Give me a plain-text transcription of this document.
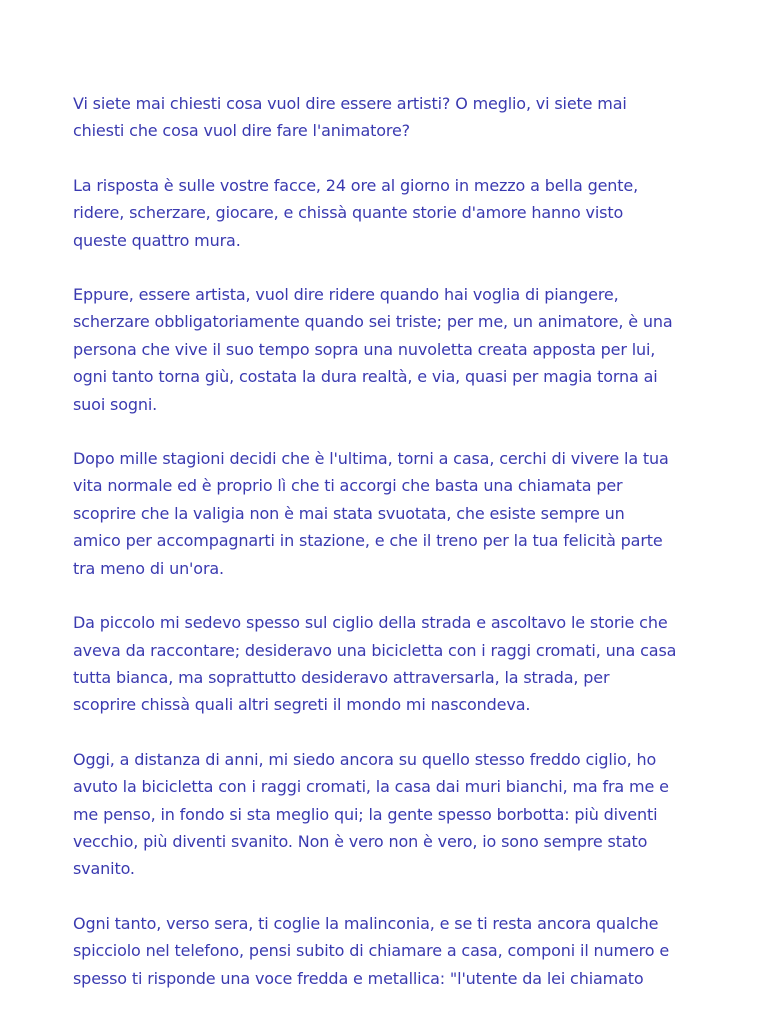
Vi siete mai chiesti cosa vuol dire essere artisti? O meglio, vi siete mai
chiesti che cosa vuol dire fare l'animatore?
La risposta è sulle vostre facce, 24 ore al giorno in mezzo a bella gente,
ridere, scherzare, giocare, e chissà quante storie d'amore hanno visto
queste quattro mura.
Eppure, essere artista, vuol dire ridere quando hai voglia di piangere,
scherzare obbligatoriamente quando sei triste; per me, un animatore, è una
persona che vive il suo tempo sopra una nuvoletta creata apposta per lui,
ogni tanto torna giù, costata la dura realtà, e via, quasi per magia torna ai
suoi sogni.
Dopo mille stagioni decidi che è l'ultima, torni a casa, cerchi di vivere la tua
vita normale ed è proprio lì che ti accorgi che basta una chiamata per
scoprire che la valigia non è mai stata svuotata, che esiste sempre un
amico per accompagnarti in stazione, e che il treno per la tua felicità parte
tra meno di un'ora.
Da piccolo mi sedevo spesso sul ciglio della strada e ascoltavo le storie che
aveva da raccontare; desideravo una bicicletta con i raggi cromati, una casa
tutta bianca, ma soprattutto desideravo attraversarla, la strada, per
scoprire chissà quali altri segreti il mondo mi nascondeva.
Oggi, a distanza di anni, mi siedo ancora su quello stesso freddo ciglio, ho
avuto la bicicletta con i raggi cromati, la casa dai muri bianchi, ma fra me e
me penso, in fondo si sta meglio qui; la gente spesso borbotta: più diventi
vecchio, più diventi svanito. Non è vero non è vero, io sono sempre stato
svanito.
Ogni tanto, verso sera, ti coglie la malinconia, e se ti resta ancora qualche
spicciolo nel telefono, pensi subito di chiamare a casa, componi il numero e
spesso ti risponde una voce fredda e metallica: "l'utente da lei chiamato
